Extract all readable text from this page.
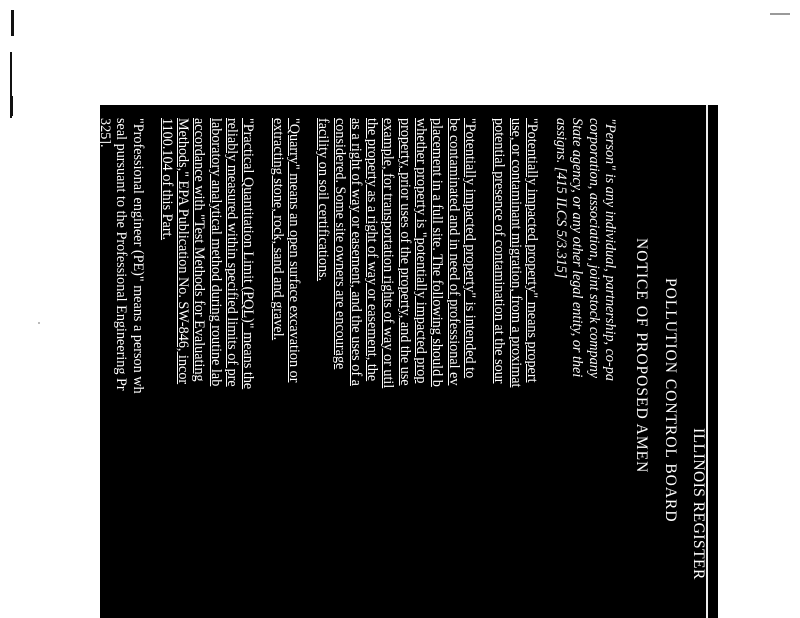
ILLINOIS REGISTER
POLLUTION CONTROL BOARD
NOTICE OF PROPOSED AMEN
"Person" is any individual, partnership, co-pa
corporation, association, joint stock company
State agency, or any other legal entity, or thei
assigns. [415 ILCS 5/3.315]
"Potentially impacted property" means propert
use, or contaminant migration, from a proximat
potential presence of contamination at the sour
"Potentially impacted property" is intended to
be contaminated and in need of professional ev
placement in a full site. The following should b
whether property is "potentially impacted prop
property, prior uses of the property, and the use
example, for transportation rights of way or util
the property as a right of way or easement, the
as a right of way or easement, and the uses of a
considered. Some site owners are encourage
facility on soil certifications.
"Quarry" means an open surface excavation or
extracting stone, rock, sand and gravel.
"Practical Quantitation Limit (PQL)" means the
reliably measured within specified limits of pre
laboratory analytical method during routine lab
accordance with "Test Methods for Evaluating
Methods," EPA Publication No. SW-846, incor
1100.104 of this Part.
"Professional engineer (PE)" means a person wh
seal pursuant to the Professional Engineering Pr
325].
"Professional Geologist (PG)" means a person li
professional geologist pursuant to the Professiona
ILCS 745].
"Runoff" means water resulting from precipitatio
